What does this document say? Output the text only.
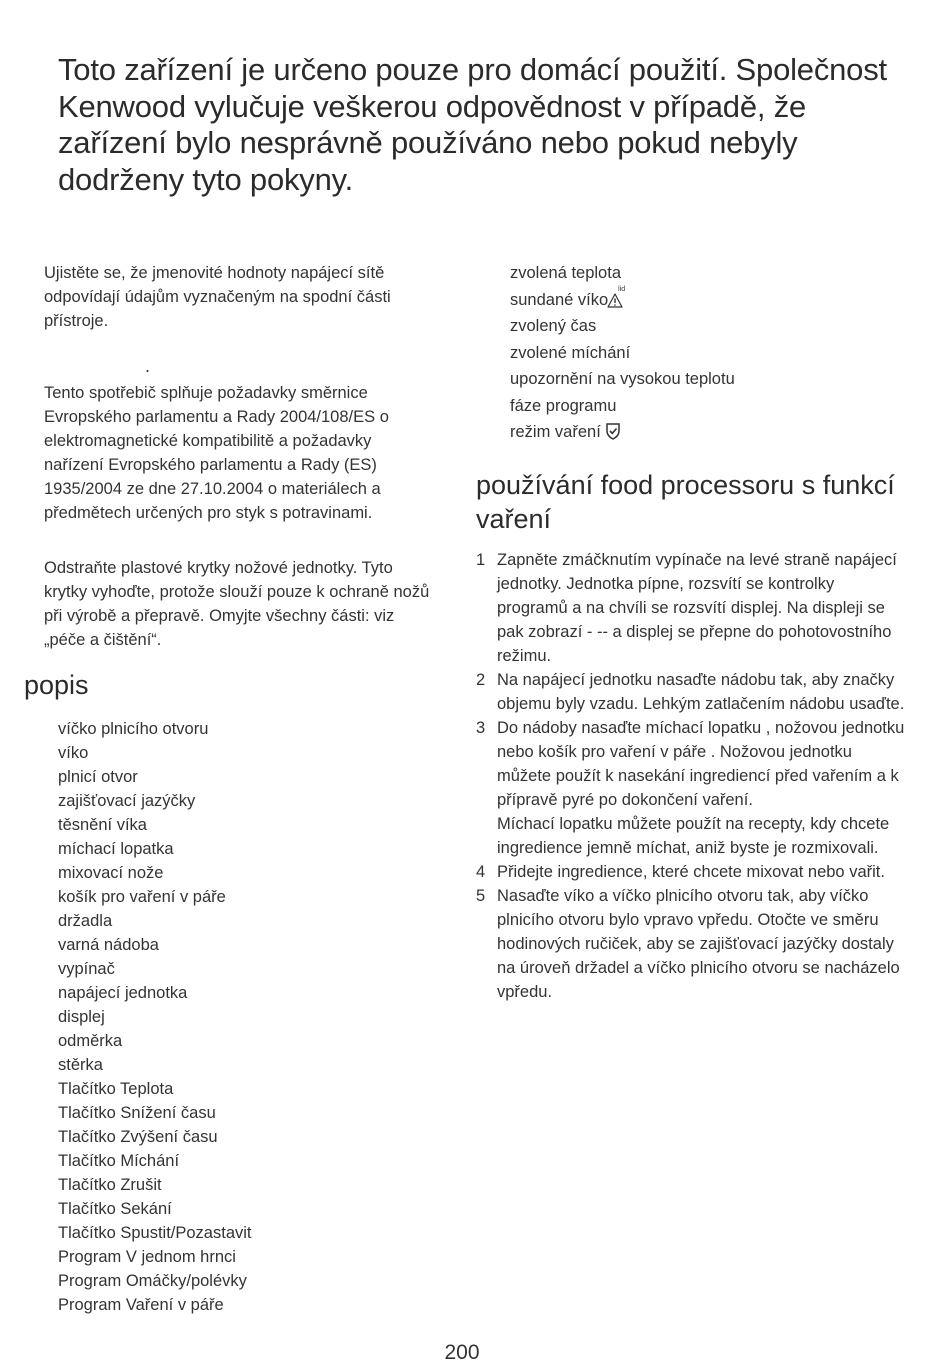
Toto zařízení je určeno pouze pro domácí použití. Společnost Kenwood vylučuje veškerou odpovědnost v případě, že zařízení bylo nesprávně používáno nebo pokud nebyly dodrženy tyto pokyny.

Ujistěte se, že jmenovité hodnoty napájecí sítě odpovídají údajům vyznačeným na spodní části přístroje.

.

Tento spotřebič splňuje požadavky směrnice Evropského parlamentu a Rady 2004/108/ES o elektromagnetické kompatibilitě a požadavky nařízení Evropského parlamentu a Rady (ES) 1935/2004 ze dne 27.10.2004 o materiálech a předmětech určených pro styk s potravinami.

Odstraňte plastové krytky nožové jednotky. Tyto krytky vyhoďte, protože slouží pouze k ochraně nožů při výrobě a přepravě. Omyjte všechny části: viz „péče a čištění“.

popis
víčko plnicího otvoru
víko
plnicí otvor
zajišťovací jazýčky
těsnění víka
míchací lopatka
mixovací nože
košík pro vaření v páře
držadla
varná nádoba
vypínač
napájecí jednotka
displej
odměrka
stěrka
Tlačítko Teplota
Tlačítko Snížení času
Tlačítko Zvýšení času
Tlačítko Míchání
Tlačítko Zrušit
Tlačítko Sekání
Tlačítko Spustit/Pozastavit
Program V jednom hrnci
Program Omáčky/polévky
Program Vaření v páře
zvolená teplota
sundané víko$^{lid}$
zvolený čas
zvolené míchání
upozornění na vysokou teplotu
fáze programu
režim vaření
používání food processoru s funkcí vaření
1 Zapněte zmáčknutím vypínače na levé straně napájecí jednotky. Jednotka pípne, rozsvítí se kontrolky programů a na chvíli se rozsvítí displej. Na displeji se pak zobrazí - -- a displej se přepne do pohotovostního režimu.
2 Na napájecí jednotku nasaďte nádobu tak, aby značky objemu byly vzadu. Lehkým zatlačením nádobu usaďte.
3 Do nádoby nasaďte míchací lopatku , nožovou jednotku nebo košík pro vaření v páře . Nožovou jednotku můžete použít k nasekání ingrediencí před vařením a k přípravě pyré po dokončení vaření.
Míchací lopatku můžete použít na recepty, kdy chcete ingredience jemně míchat, aniž byste je rozmixovali.
4 Přidejte ingredience, které chcete mixovat nebo vařit.
5 Nasaďte víko a víčko plnicího otvoru tak, aby víčko plnicího otvoru bylo vpravo vpředu. Otočte ve směru hodinových ručiček, aby se zajišťovací jazýčky dostaly na úroveň držadel a víčko plnicího otvoru se nacházelo vpředu.
200
